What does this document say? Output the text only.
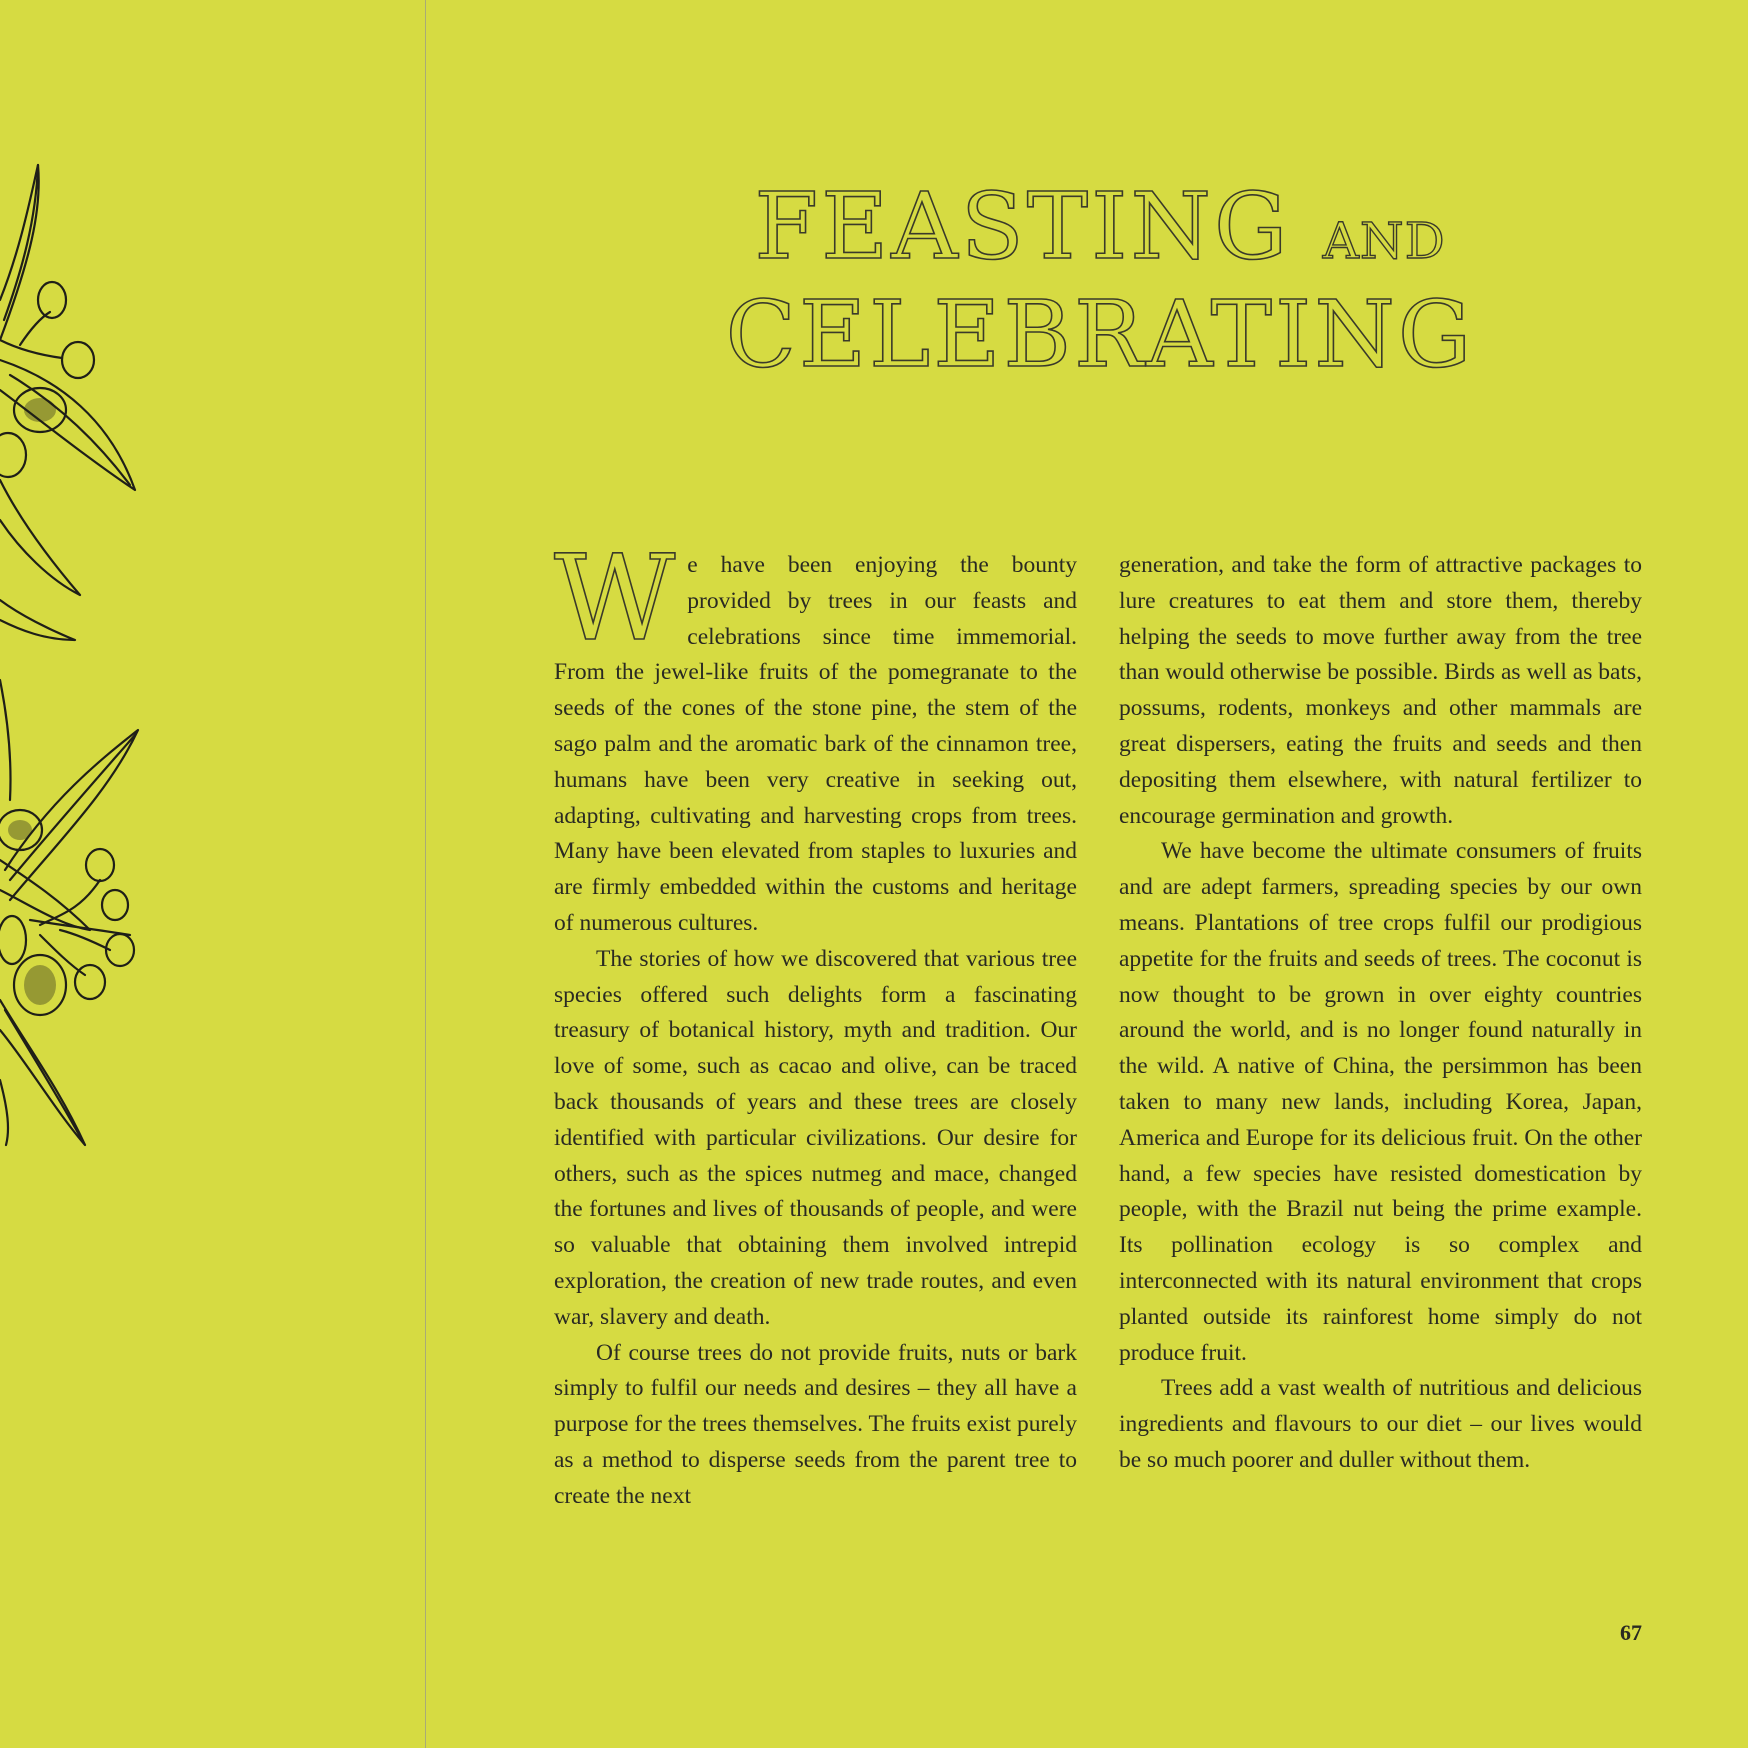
FEASTING AND
CELEBRATING

We have been enjoying the bounty provided by trees in our feasts and celebrations since time immemorial. From the jewel-like fruits of the pomegranate to the seeds of the cones of the stone pine, the stem of the sago palm and the aromatic bark of the cinnamon tree, humans have been very creative in seeking out, adapting, cultivating and harvesting crops from trees. Many have been elevated from staples to luxuries and are firmly embedded within the customs and heritage of numerous cultures.

The stories of how we discovered that various tree species offered such delights form a fascinating treasury of botanical history, myth and tradition. Our love of some, such as cacao and olive, can be traced back thousands of years and these trees are closely identified with particular civilizations. Our desire for others, such as the spices nutmeg and mace, changed the fortunes and lives of thousands of people, and were so valuable that obtaining them involved intrepid exploration, the creation of new trade routes, and even war, slavery and death.

Of course trees do not provide fruits, nuts or bark simply to fulfil our needs and desires – they all have a purpose for the trees themselves. The fruits exist purely as a method to disperse seeds from the parent tree to create the next

generation, and take the form of attractive packages to lure creatures to eat them and store them, thereby helping the seeds to move further away from the tree than would otherwise be possible. Birds as well as bats, possums, rodents, monkeys and other mammals are great dispersers, eating the fruits and seeds and then depositing them elsewhere, with natural fertilizer to encourage germination and growth.

We have become the ultimate consumers of fruits and are adept farmers, spreading species by our own means. Plantations of tree crops fulfil our prodigious appetite for the fruits and seeds of trees. The coconut is now thought to be grown in over eighty countries around the world, and is no longer found naturally in the wild. A native of China, the persimmon has been taken to many new lands, including Korea, Japan, America and Europe for its delicious fruit. On the other hand, a few species have resisted domestication by people, with the Brazil nut being the prime example. Its pollination ecology is so complex and interconnected with its natural environment that crops planted outside its rainforest home simply do not produce fruit.

Trees add a vast wealth of nutritious and delicious ingredients and flavours to our diet – our lives would be so much poorer and duller without them.

67
